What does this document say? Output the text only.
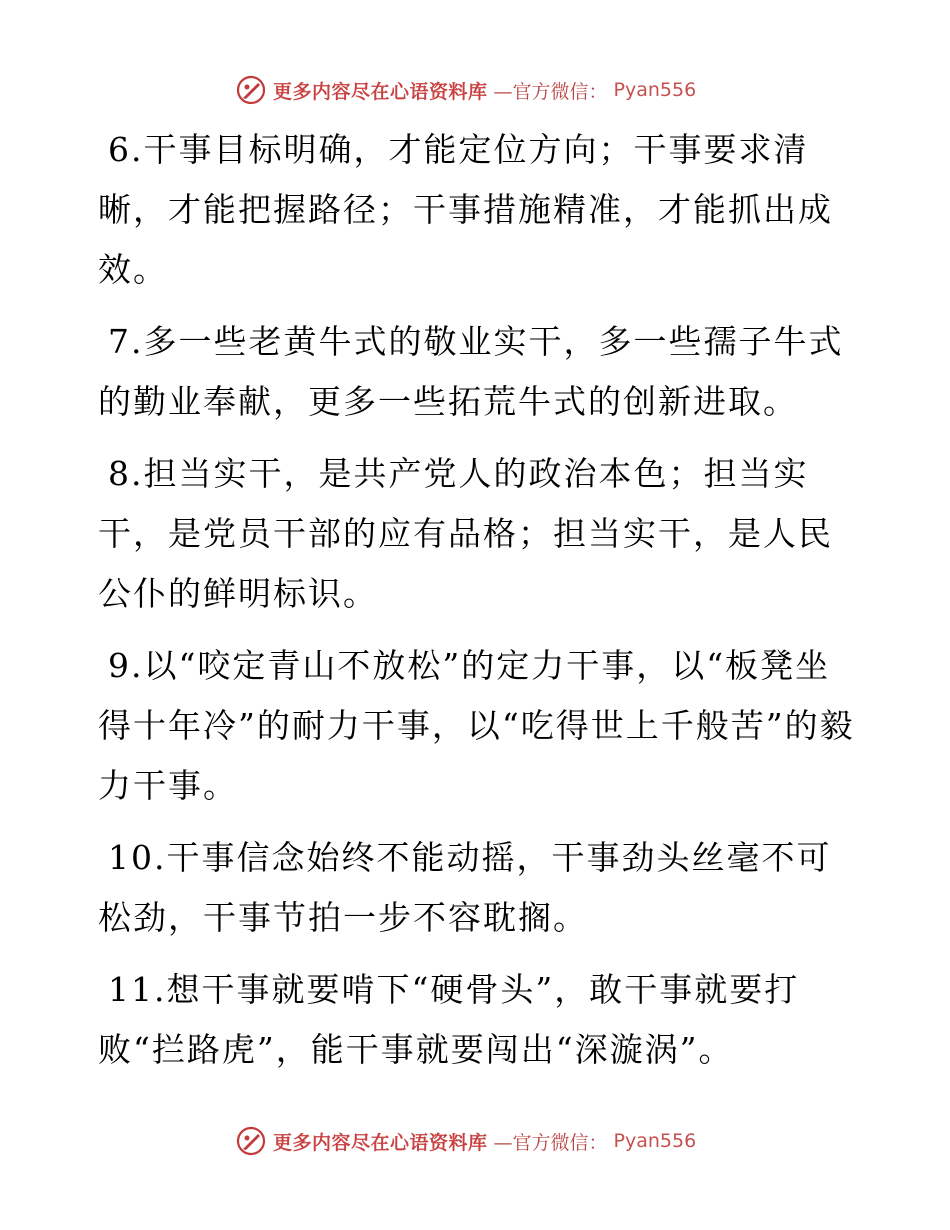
更多内容尽在心语资料库 —官方微信： Pyan556

6.干事目标明确，才能定位方向；干事要求清晰，才能把握路径；干事措施精准，才能抓出成效。

7.多一些老黄牛式的敬业实干，多一些孺子牛式的勤业奉献，更多一些拓荒牛式的创新进取。

8.担当实干，是共产党人的政治本色；担当实干，是党员干部的应有品格；担当实干，是人民公仆的鲜明标识。

9.以“咬定青山不放松”的定力干事，以“板凳坐得十年冷”的耐力干事，以“吃得世上千般苦”的毅力干事。

10.干事信念始终不能动摇，干事劲头丝毫不可松劲，干事节拍一步不容耽搁。

11.想干事就要啃下“硬骨头”，敢干事就要打败“拦路虎”，能干事就要闯出“深漩涡”。

更多内容尽在心语资料库 —官方微信： Pyan556
